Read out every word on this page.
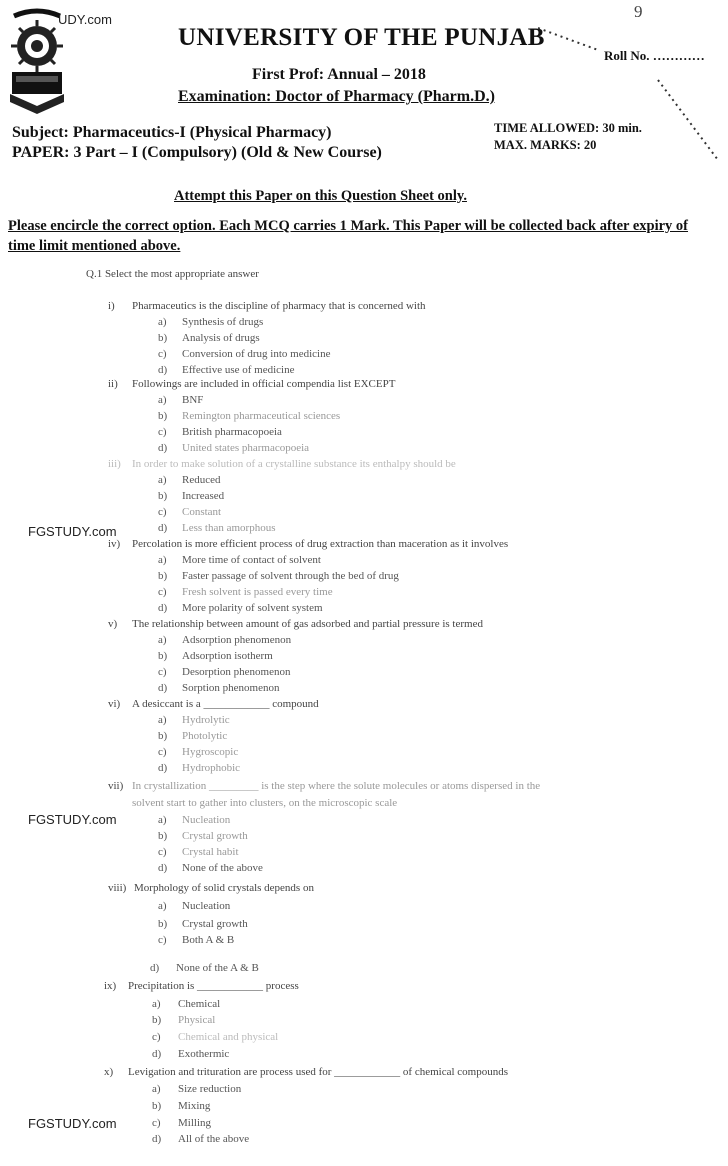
UDY.com
UNIVERSITY OF THE PUNJAB
9
Roll No. …………
First Prof: Annual – 2018
Examination: Doctor of Pharmacy (Pharm.D.)
Subject: Pharmaceutics-I (Physical Pharmacy)
PAPER: 3 Part – I (Compulsory) (Old & New Course)
TIME ALLOWED: 30 min.
MAX. MARKS: 20
Attempt this Paper on this Question Sheet only.
Please encircle the correct option. Each MCQ carries 1 Mark. This Paper will be collected back after expiry of time limit mentioned above.
Q.1 Select the most appropriate answer
i) Pharmaceutics is the discipline of pharmacy that is concerned with
a) Synthesis of drugs
b) Analysis of drugs
c) Conversion of drug into medicine
d) Effective use of medicine
ii) Followings are included in official compendia list EXCEPT
a) BNF
b) Remington pharmaceutical sciences
c) British pharmacopoeia
d) United states pharmacopoeia
iii) In order to make solution of a crystalline substance its enthalpy should be
a) Reduced
b) Increased
c) Constant
d) Less than amorphous
FGSTUDY.com
iv) Percolation is more efficient process of drug extraction than maceration as it involves
a) More time of contact of solvent
b) Faster passage of solvent through the bed of drug
c) Fresh solvent is passed every time
d) More polarity of solvent system
v) The relationship between amount of gas adsorbed and partial pressure is termed
a) Adsorption phenomenon
b) Adsorption isotherm
c) Desorption phenomenon
d) Sorption phenomenon
vi) A desiccant is a ____________ compound
a) Hydrolytic
b) Photolytic
c) Hygroscopic
d) Hydrophobic
vii) In crystallization _________ is the step where the solute molecules or atoms dispersed in the
solvent start to gather into clusters, on the microscopic scale
a) Nucleation
b) Crystal growth
c) Crystal habit
d) None of the above
FGSTUDY.com
viii) Morphology of solid crystals depends on
a) Nucleation
b) Crystal growth
c) Both A & B
d) None of the A & B
ix) Precipitation is ____________ process
a) Chemical
b) Physical
c) Chemical and physical
d) Exothermic
x) Levigation and trituration are process used for ____________ of chemical compounds
a) Size reduction
b) Mixing
c) Milling
d) All of the above
FGSTUDY.com
